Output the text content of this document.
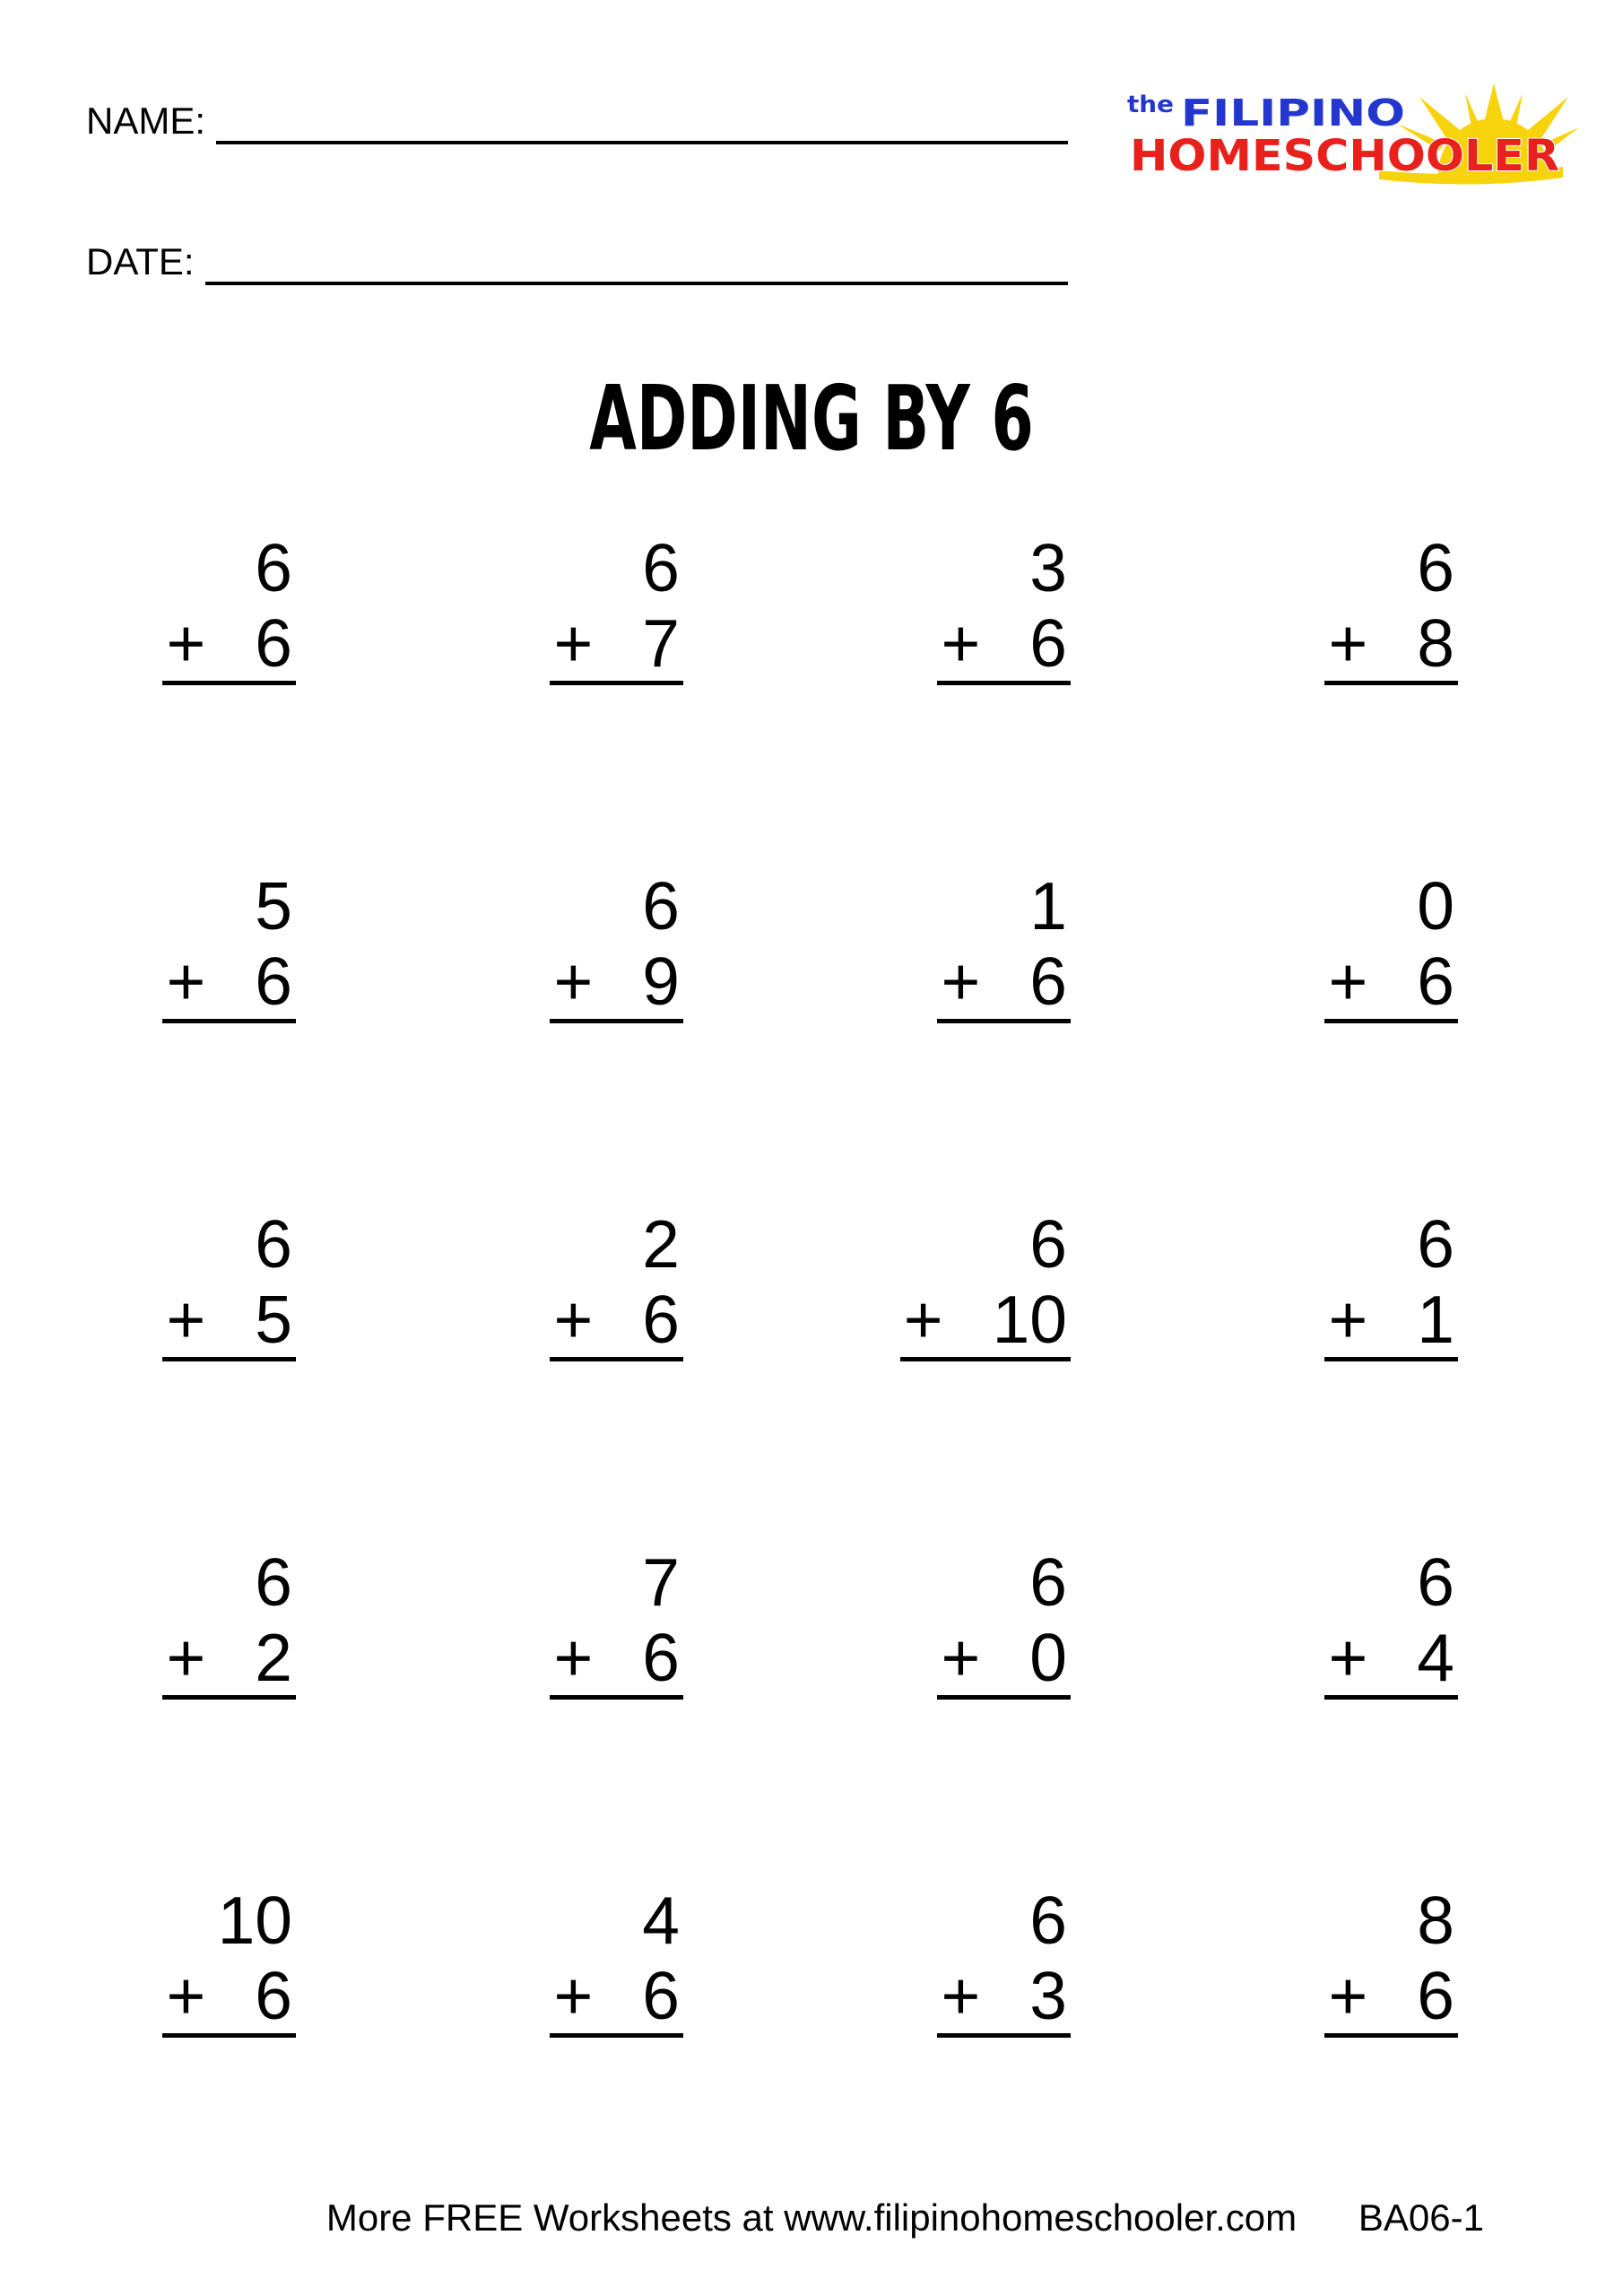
NAME:
DATE:
the FILIPINO
HOMESCHOOLER
ADDING BY 6
6
+ 6
6
+ 7
3
+ 6
6
+ 8
5
+ 6
6
+ 9
1
+ 6
0
+ 6
6
+ 5
2
+ 6
6
+ 10
6
+ 1
6
+ 2
7
+ 6
6
+ 0
6
+ 4
10
+ 6
4
+ 6
6
+ 3
8
+ 6
More FREE Worksheets at www.filipinohomeschooler.com	BA06-1
